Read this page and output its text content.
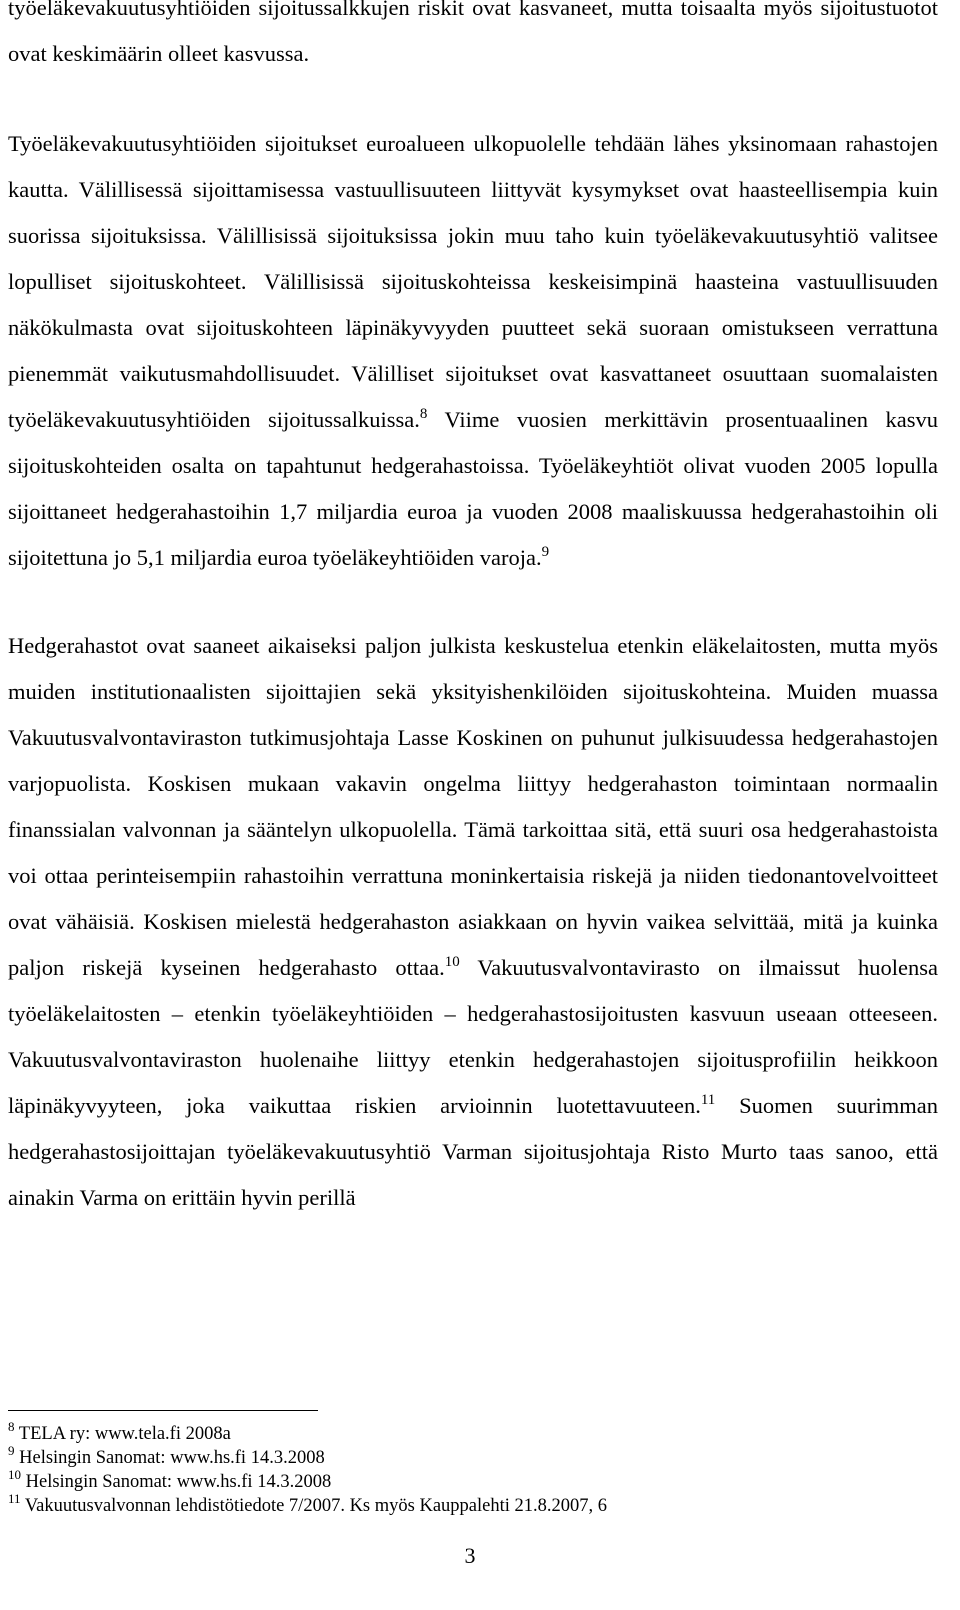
työeläkevakuutusyhtiöiden sijoitussalkkujen riskit ovat kasvaneet, mutta toisaalta myös sijoitustuotot ovat keskimäärin olleet kasvussa.

Työeläkevakuutusyhtiöiden sijoitukset euroalueen ulkopuolelle tehdään lähes yksinomaan rahastojen kautta. Välillisessä sijoittamisessa vastuullisuuteen liittyvät kysymykset ovat haasteellisempia kuin suorissa sijoituksissa. Välillisissä sijoituksissa jokin muu taho kuin työeläkevakuutusyhtiö valitsee lopulliset sijoituskohteet. Välillisissä sijoituskohteissa keskeisimpinä haasteina vastuullisuuden näkökulmasta ovat sijoituskohteen läpinäkyvyyden puutteet sekä suoraan omistukseen verrattuna pienemmät vaikutusmahdollisuudet. Välilliset sijoitukset ovat kasvattaneet osuuttaan suomalaisten työeläkevakuutusyhtiöiden sijoitussalkuissa.$^8$ Viime vuosien merkittävin prosentuaalinen kasvu sijoituskohteiden osalta on tapahtunut hedgerahastoissa. Työeläkeyhtiöt olivat vuoden 2005 lopulla sijoittaneet hedgerahastoihin 1,7 miljardia euroa ja vuoden 2008 maaliskuussa hedgerahastoihin oli sijoitettuna jo 5,1 miljardia euroa työeläkeyhtiöiden varoja.$^9$

Hedgerahastot ovat saaneet aikaiseksi paljon julkista keskustelua etenkin eläkelaitosten, mutta myös muiden institutionaalisten sijoittajien sekä yksityishenkilöiden sijoituskohteina. Muiden muassa Vakuutusvalvontaviraston tutkimusjohtaja Lasse Koskinen on puhunut julkisuudessa hedgerahastojen varjopuolista. Koskisen mukaan vakavin ongelma liittyy hedgerahaston toimintaan normaalin finanssialan valvonnan ja sääntelyn ulkopuolella. Tämä tarkoittaa sitä, että suuri osa hedgerahastoista voi ottaa perinteisempiin rahastoihin verrattuna moninkertaisia riskejä ja niiden tiedonantovelvoitteet ovat vähäisiä. Koskisen mielestä hedgerahaston asiakkaan on hyvin vaikea selvittää, mitä ja kuinka paljon riskejä kyseinen hedgerahasto ottaa.$^{10}$ Vakuutusvalvontavirasto on ilmaissut huolensa työeläkelaitosten – etenkin työeläkeyhtiöiden – hedgerahastosijoitusten kasvuun useaan otteeseen. Vakuutusvalvontaviraston huolenaihe liittyy etenkin hedgerahastojen sijoitusprofiilin heikkoon läpinäkyvyyteen, joka vaikuttaa riskien arvioinnin luotettavuuteen.$^{11}$ Suomen suurimman hedgerahastosijoittajan työeläkevakuutusyhtiö Varman sijoitusjohtaja Risto Murto taas sanoo, että ainakin Varma on erittäin hyvin perillä

$^8$ TELA ry: www.tela.fi 2008a

$^9$ Helsingin Sanomat: www.hs.fi 14.3.2008

$^{10}$ Helsingin Sanomat: www.hs.fi 14.3.2008

$^{11}$ Vakuutusvalvonnan lehdistötiedote 7/2007. Ks myös Kauppalehti 21.8.2007, 6

3
